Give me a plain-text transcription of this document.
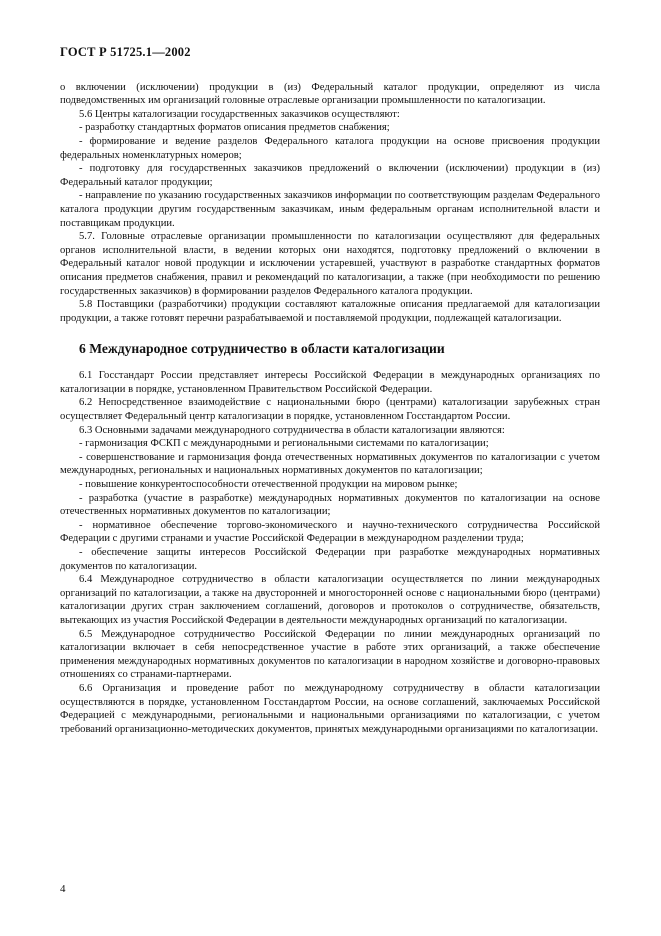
ГОСТ Р 51725.1—2002

о включении (исключении) продукции в (из) Федеральный каталог продукции, определяют из числа подведомственных им организаций головные отраслевые организации промышленности по каталогизации.

5.6 Центры каталогизации государственных заказчиков осуществляют:

- разработку стандартных форматов описания предметов снабжения;

- формирование и ведение разделов Федерального каталога продукции на основе присвоения продукции федеральных номенклатурных номеров;

- подготовку для государственных заказчиков предложений о включении (исключении) продукции в (из) Федеральный каталог продукции;

- направление по указанию государственных заказчиков информации по соответствующим разделам Федерального каталога продукции другим государственным заказчикам, иным федеральным органам исполнительной власти и поставщикам продукции.

5.7. Головные отраслевые организации промышленности по каталогизации осуществляют для федеральных органов исполнительной власти, в ведении которых они находятся, подготовку предложений о включении в Федеральный каталог новой продукции и исключении устаревшей, участвуют в разработке стандартных форматов описания предметов снабжения, правил и рекомендаций по каталогизации, а также (при необходимости по решению государственных заказчиков) в формировании разделов Федерального каталога продукции.

5.8 Поставщики (разработчики) продукции составляют каталожные описания предлагаемой для каталогизации продукции, а также готовят перечни разрабатываемой и поставляемой продукции, подлежащей каталогизации.

6 Международное сотрудничество в области каталогизации

6.1 Госстандарт России представляет интересы Российской Федерации в международных организациях по каталогизации в порядке, установленном Правительством Российской Федерации.

6.2 Непосредственное взаимодействие с национальными бюро (центрами) каталогизации зарубежных стран осуществляет Федеральный центр каталогизации в порядке, установленном Госстандартом России.

6.3 Основными задачами международного сотрудничества в области каталогизации являются:

- гармонизация ФСКП с международными и региональными системами по каталогизации;

- совершенствование и гармонизация фонда отечественных нормативных документов по каталогизации с учетом международных, региональных и национальных нормативных документов по каталогизации;

- повышение конкурентоспособности отечественной продукции на мировом рынке;

- разработка (участие в разработке) международных нормативных документов по каталогизации на основе отечественных нормативных документов по каталогизации;

- нормативное обеспечение торгово-экономического и научно-технического сотрудничества Российской Федерации с другими странами и участие Российской Федерации в международном разделении труда;

- обеспечение защиты интересов Российской Федерации при разработке международных нормативных документов по каталогизации.

6.4 Международное сотрудничество в области каталогизации осуществляется по линии международных организаций по каталогизации, а также на двусторонней и многосторонней основе с национальными бюро (центрами) каталогизации других стран заключением соглашений, договоров и протоколов о сотрудничестве, обязательств, вытекающих из участия Российской Федерации в деятельности международных организаций по каталогизации.

6.5 Международное сотрудничество Российской Федерации по линии международных организаций по каталогизации включает в себя непосредственное участие в работе этих организаций, а также обеспечение применения международных нормативных документов по каталогизации в народном хозяйстве и договорно-правовых отношениях со странами-партнерами.

6.6 Организация и проведение работ по международному сотрудничеству в области каталогизации осуществляются в порядке, установленном Госстандартом России, на основе соглашений, заключаемых Российской Федерацией с международными, региональными и национальными организациями по каталогизации, с учетом требований организационно-методических документов, принятых международными организациями по каталогизации.

4
